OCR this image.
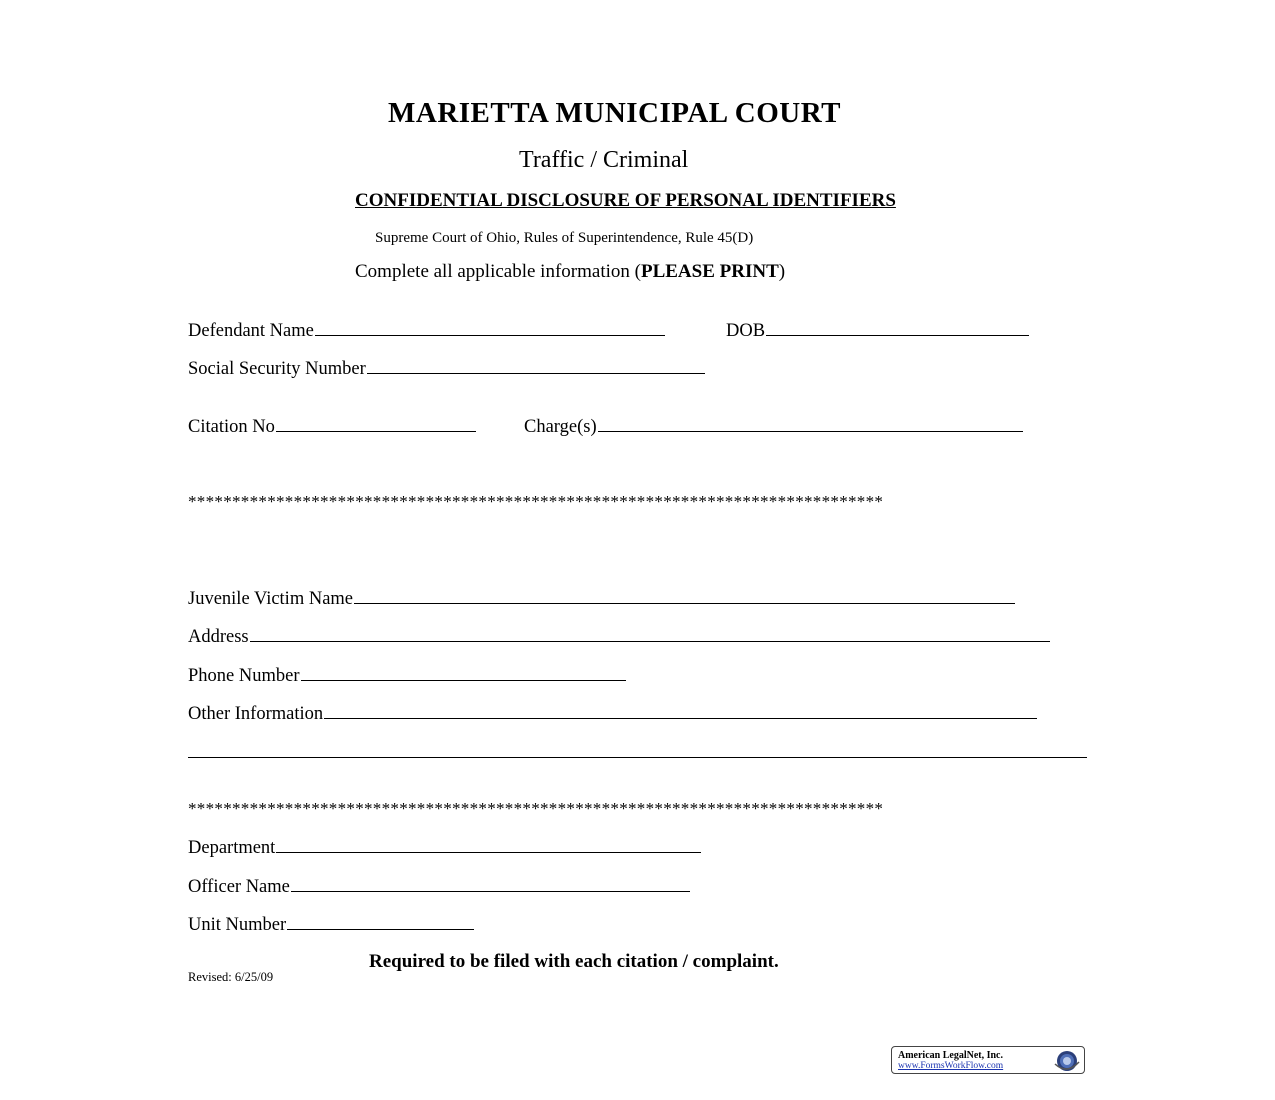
MARIETTA MUNICIPAL COURT
Traffic / Criminal
CONFIDENTIAL DISCLOSURE OF PERSONAL IDENTIFIERS
Supreme Court of Ohio, Rules of Superintendence, Rule 45(D)
Complete all applicable information (PLEASE PRINT)
Defendant Name	DOB
Social Security Number
Citation No	Charge(s)
*******************************************************************************
Juvenile Victim Name
Address
Phone Number
Other Information
*******************************************************************************
Department
Officer Name
Unit Number
Required to be filed with each citation / complaint.
Revised: 6/25/09
American LegalNet, Inc.
www.FormsWorkFlow.com
